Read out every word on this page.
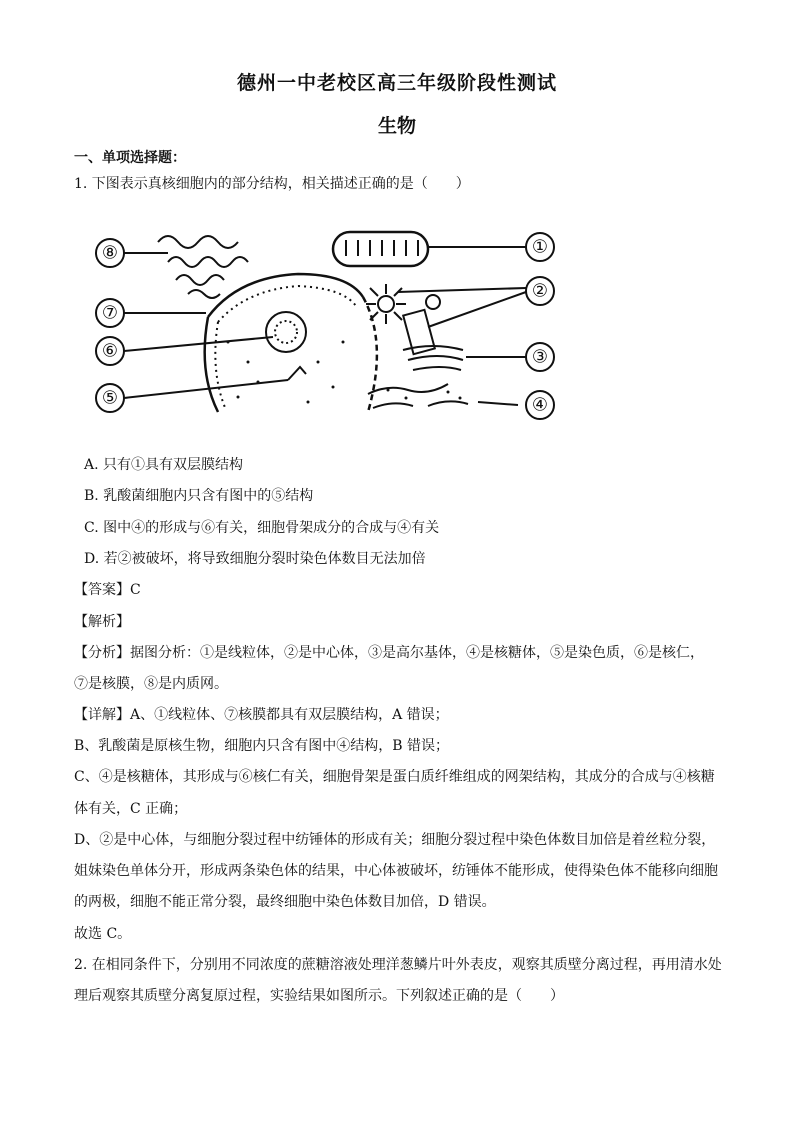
德州一中老校区高三年级阶段性测试
生物
一、单项选择题：
1. 下图表示真核细胞内的部分结构，相关描述正确的是（　　）
⑧
⑦
⑥
⑤
①
②
③
④
A. 只有①具有双层膜结构
B. 乳酸菌细胞内只含有图中的⑤结构
C. 图中④的形成与⑥有关，细胞骨架成分的合成与④有关
D. 若②被破坏，将导致细胞分裂时染色体数目无法加倍
【答案】C
【解析】
【分析】据图分析：①是线粒体，②是中心体，③是高尔基体，④是核糖体，⑤是染色质，⑥是核仁，
⑦是核膜，⑧是内质网。
【详解】A、①线粒体、⑦核膜都具有双层膜结构，A 错误；
B、乳酸菌是原核生物，细胞内只含有图中④结构，B 错误；
C、④是核糖体，其形成与⑥核仁有关，细胞骨架是蛋白质纤维组成的网架结构，其成分的合成与④核糖
体有关，C 正确；
D、②是中心体，与细胞分裂过程中纺锤体的形成有关；细胞分裂过程中染色体数目加倍是着丝粒分裂，
姐妹染色单体分开，形成两条染色体的结果，中心体被破坏，纺锤体不能形成，使得染色体不能移向细胞
的两极，细胞不能正常分裂，最终细胞中染色体数目加倍，D 错误。
故选 C。
2. 在相同条件下，分别用不同浓度的蔗糖溶液处理洋葱鳞片叶外表皮，观察其质壁分离过程，再用清水处
理后观察其质壁分离复原过程，实验结果如图所示。下列叙述正确的是（　　）
